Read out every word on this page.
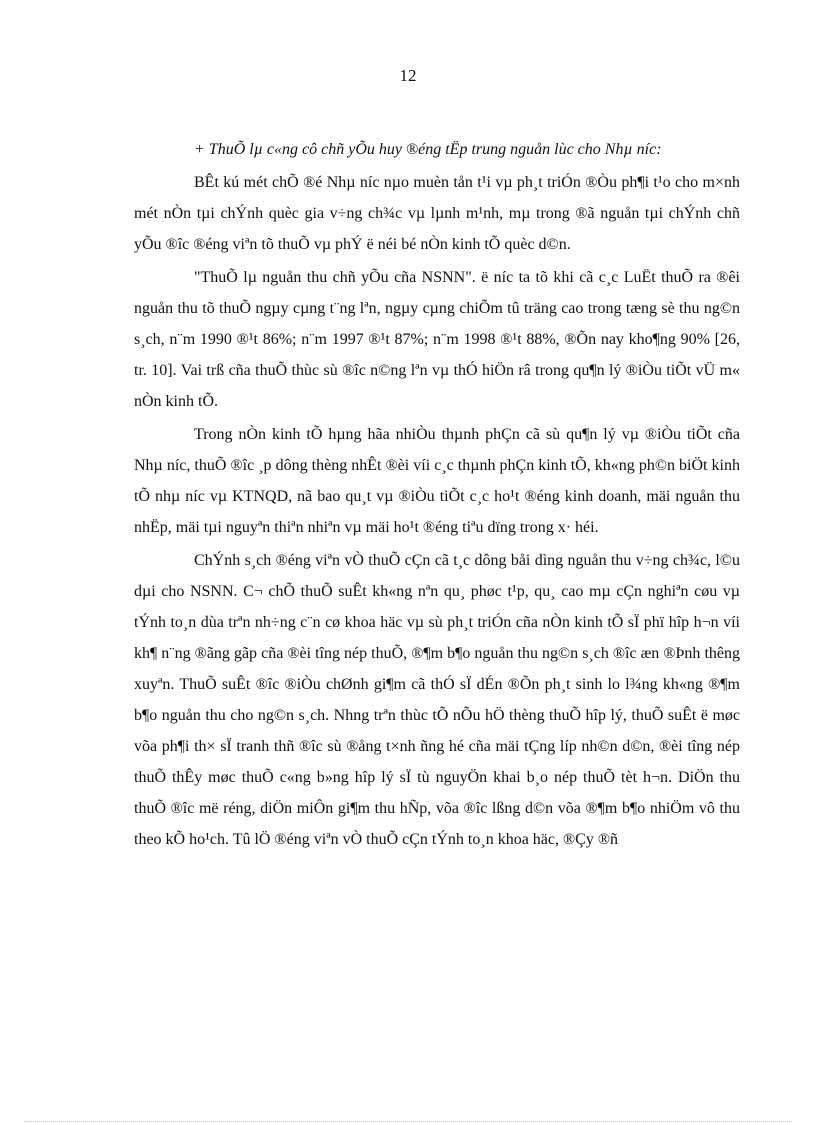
12

+ ThuÕ lµ c«ng cô chñ yÕu huy ®éng tËp trung nguån lùc cho Nhµ níc:

BÊt kú mét chÕ ®é Nhµ níc nµo muèn tån t¹i vµ ph¸t triÓn ®Òu ph¶i t¹o cho m×nh mét nÒn tµi chÝnh quèc gia v÷ng ch¾c vµ lµnh m¹nh, mµ trong ®ã nguån tµi chÝnh chñ yÕu ®îc ®éng viªn tõ thuÕ vµ phÝ ë néi bé nÒn kinh tÕ quèc d©n.

"ThuÕ lµ nguån thu chñ yÕu cña NSNN". ë níc ta tõ khi cã c¸c LuËt thuÕ ra ®êi nguån thu tõ thuÕ ngµy cµng t¨ng lªn, ngµy cµng chiÕm tû träng cao trong tæng sè thu ng©n s¸ch, n¨m 1990 ®¹t 86%; n¨m 1997 ®¹t 87%; n¨m 1998 ®¹t 88%, ®Õn nay kho¶ng 90% [26, tr. 10]. Vai trß cña thuÕ thùc sù ®îc n©ng lªn vµ thÓ hiÖn râ trong qu¶n lý ®iÒu tiÕt vÜ m« nÒn kinh tÕ.

Trong nÒn kinh tÕ hµng hãa nhiÒu thµnh phÇn cã sù qu¶n lý vµ ®iÒu tiÕt cña Nhµ níc, thuÕ ®îc ¸p dông thèng nhÊt ®èi víi c¸c thµnh phÇn kinh tÕ, kh«ng ph©n biÖt kinh tÕ nhµ níc vµ KTNQD, nã bao qu¸t vµ ®iÒu tiÕt c¸c ho¹t ®éng kinh doanh, mäi nguån thu nhËp, mäi tµi nguyªn thiªn nhiªn vµ mäi ho¹t ®éng tiªu dïng trong x· héi.

ChÝnh s¸ch ®éng viªn vÒ thuÕ cÇn cã t¸c dông båi dìng nguån thu v÷ng ch¾c, l©u dµi cho NSNN. C¬ chÕ thuÕ suÊt kh«ng nªn qu¸ phøc t¹p, qu¸ cao mµ cÇn nghiªn cøu vµ tÝnh to¸n dùa trªn nh÷ng c¨n cø khoa häc vµ sù ph¸t triÓn cña nÒn kinh tÕ sÏ phï hîp h¬n víi kh¶ n¨ng ®ãng gãp cña ®èi tîng nép thuÕ, ®¶m b¶o nguån thu ng©n s¸ch ®îc æn ®Þnh thêng xuyªn. ThuÕ suÊt ®îc ®iÒu chØnh gi¶m cã thÓ sÏ dÉn ®Õn ph¸t sinh lo l¾ng kh«ng ®¶m b¶o nguån thu cho ng©n s¸ch. Nhng trªn thùc tÕ nÕu hÖ thèng thuÕ hîp lý, thuÕ suÊt ë møc võa ph¶i th× sÏ tranh thñ ®îc sù ®ång t×nh ñng hé cña mäi tÇng líp nh©n d©n, ®èi tîng nép thuÕ thÊy møc thuÕ c«ng b»ng hîp lý sÏ tù nguyÖn khai b¸o nép thuÕ tèt h¬n. DiÖn thu thuÕ ®îc më réng, diÖn miÔn gi¶m thu hÑp, võa ®îc lßng d©n võa ®¶m b¶o nhiÖm vô thu theo kÕ ho¹ch. Tû lÖ ®éng viªn vÒ thuÕ cÇn tÝnh to¸n khoa häc, ®Çy ®ñ
